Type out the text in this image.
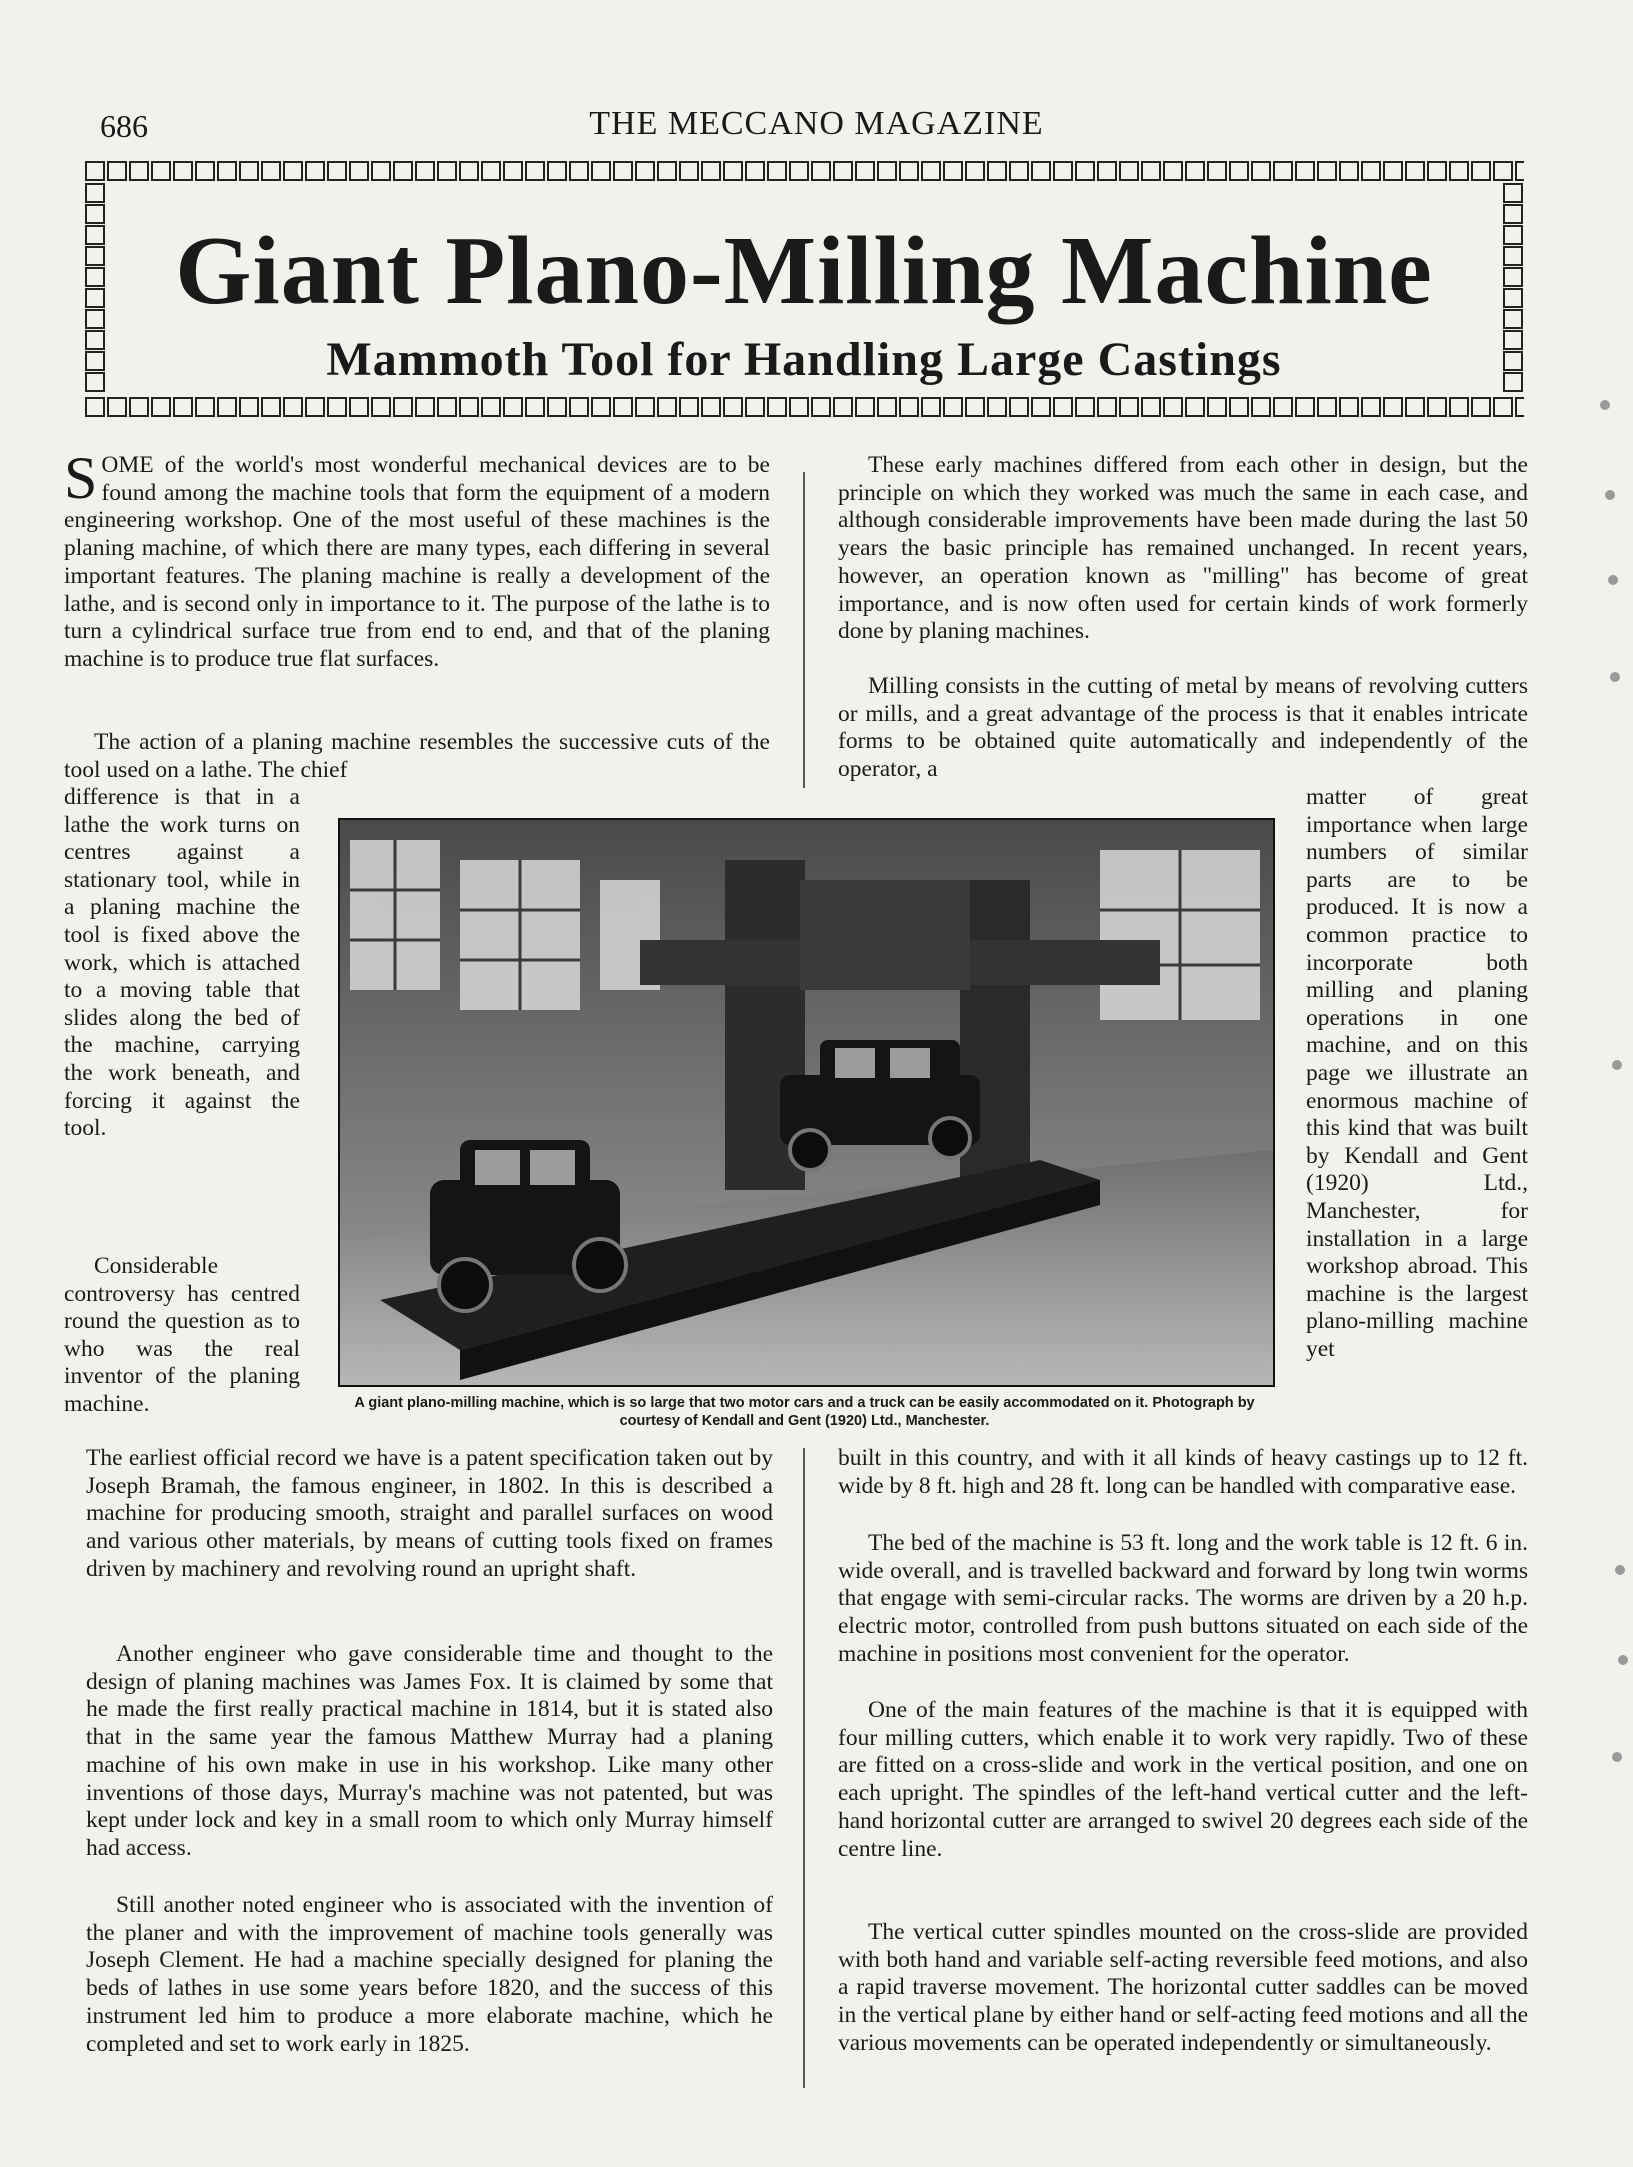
686	THE MECCANO MAGAZINE
Giant Plano-Milling Machine
Mammoth Tool for Handling Large Castings

SOME of the world's most wonderful mechanical devices are to be found among the machine tools that form the equipment of a modern engineering workshop. One of the most useful of these machines is the planing machine, of which there are many types, each differing in several important features. The planing machine is really a development of the lathe, and is second only in importance to it. The purpose of the lathe is to turn a cylindrical surface true from end to end, and that of the planing machine is to produce true flat surfaces.

The action of a planing machine resembles the successive cuts of the tool used on a lathe. The chief

difference is that in a lathe the work turns on centres against a stationary tool, while in a planing machine the tool is fixed above the work, which is attached to a moving table that slides along the bed of the machine, carrying the work beneath, and forcing it against the tool.

Considerable controversy has centred round the question as to who was the real inventor of the planing machine.

The earliest official record we have is a patent specification taken out by Joseph Bramah, the famous engineer, in 1802. In this is described a machine for producing smooth, straight and parallel surfaces on wood and various other materials, by means of cutting tools fixed on frames driven by machinery and revolving round an upright shaft.

Another engineer who gave considerable time and thought to the design of planing machines was James Fox. It is claimed by some that he made the first really practical machine in 1814, but it is stated also that in the same year the famous Matthew Murray had a planing machine of his own make in use in his workshop. Like many other inventions of those days, Murray's machine was not patented, but was kept under lock and key in a small room to which only Murray himself had access.

Still another noted engineer who is associated with the invention of the planer and with the improvement of machine tools generally was Joseph Clement. He had a machine specially designed for planing the beds of lathes in use some years before 1820, and the success of this instrument led him to produce a more elaborate machine, which he completed and set to work early in 1825.

These early machines differed from each other in design, but the principle on which they worked was much the same in each case, and although considerable improvements have been made during the last 50 years the basic principle has remained unchanged. In recent years, however, an operation known as "milling" has become of great importance, and is now often used for certain kinds of work formerly done by planing machines.

Milling consists in the cutting of metal by means of revolving cutters or mills, and a great advantage of the process is that it enables intricate forms to be obtained quite automatically and independently of the operator, a

matter of great importance when large numbers of similar parts are to be produced. It is now a common practice to incorporate both milling and planing operations in one machine, and on this page we illustrate an enormous machine of this kind that was built by Kendall and Gent (1920) Ltd., Manchester, for installation in a large workshop abroad. This machine is the largest plano-milling machine yet

built in this country, and with it all kinds of heavy castings up to 12 ft. wide by 8 ft. high and 28 ft. long can be handled with comparative ease.

The bed of the machine is 53 ft. long and the work table is 12 ft. 6 in. wide overall, and is travelled backward and forward by long twin worms that engage with semi-circular racks. The worms are driven by a 20 h.p. electric motor, controlled from push buttons situated on each side of the machine in positions most convenient for the operator.

One of the main features of the machine is that it is equipped with four milling cutters, which enable it to work very rapidly. Two of these are fitted on a cross-slide and work in the vertical position, and one on each upright. The spindles of the left-hand vertical cutter and the left-hand horizontal cutter are arranged to swivel 20 degrees each side of the centre line.

The vertical cutter spindles mounted on the cross-slide are provided with both hand and variable self-acting reversible feed motions, and also a rapid traverse movement. The horizontal cutter saddles can be moved in the vertical plane by either hand or self-acting feed motions and all the various movements can be operated independently or simultaneously.

A giant plano-milling machine, which is so large that two motor cars and a truck can be easily accommodated on it. Photograph by courtesy of Kendall and Gent (1920) Ltd., Manchester.
